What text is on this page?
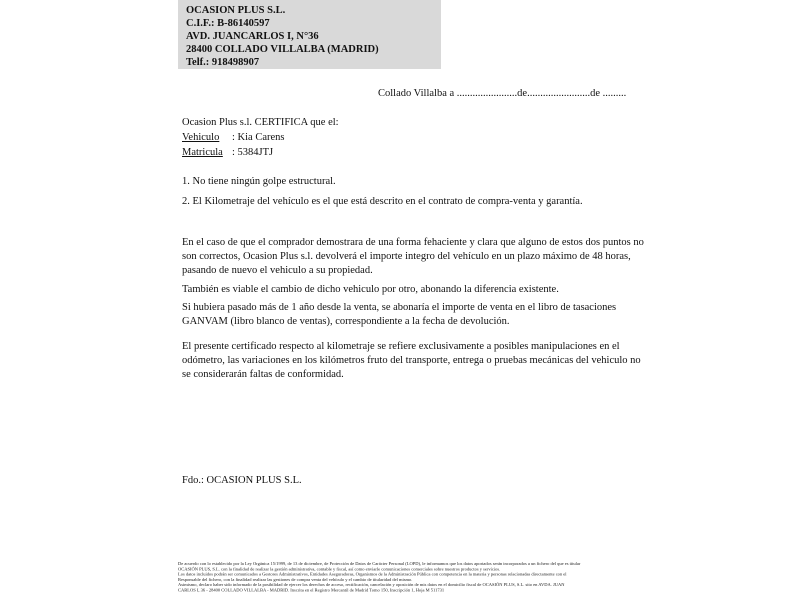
OCASION PLUS S.L.
C.I.F.: B-86140597
AVD. JUANCARLOS I, N°36
28400 COLLADO VILLALBA (MADRID)
Telf.: 918498907
Collado Villalba a .......................de........................de .........
Ocasion Plus s.l. CERTIFICA que el:
Vehiculo : Kia Carens
Matricula : 5384JTJ
1. No tiene ningún golpe estructural.
2. El Kilometraje del vehículo es el que está descrito en el contrato de compra-venta y garantía.
En el caso de que el comprador demostrara de una forma fehaciente y clara que alguno de estos dos puntos no son correctos, Ocasion Plus s.l. devolverá el importe integro del vehículo en un plazo máximo de 48 horas, pasando de nuevo el vehiculo a su propiedad.
También es viable el cambio de dicho vehiculo por otro, abonando la diferencia existente.
Si hubiera pasado más de 1 año desde la venta, se abonaría el importe de venta en el libro de tasaciones GANVAM (libro blanco de ventas), correspondiente a la fecha de devolución.
El presente certificado respecto al kilometraje se refiere exclusivamente a posibles manipulaciones en el odómetro, las variaciones en los kilómetros fruto del transporte, entrega o pruebas mecánicas del vehiculo no se considerarán faltas de conformidad.
Fdo.: OCASION PLUS S.L.
De acuerdo con lo establecido por la Ley Orgánica 15/1999, de 13 de diciembre, de Protección de Datos de Carácter Personal (LOPD), le informamos que los datos aportados serán incorporados a un fichero del que es titular
OCASIÓN PLUS, S.L. con la finalidad de realizar la gestión administrativa, contable y fiscal, así como enviarle comunicaciones comerciales sobre nuestros productos y servicios.
Los datos incluidos podrán ser comunicados a Gestores Administrativos, Entidades Aseguradoras, Organismos de la Administración Pública con competencia en la materia y personas relacionadas directamente con el
Responsable del fichero, con la finalidad realizar las gestiones de compra venta del vehículo y el cambio de titularidad del mismo.
Asimismo, declaro haber sido informado de la posibilidad de ejercer los derechos de acceso, rectificación, cancelación y oposición de mis datos en el domicilio fiscal de OCASIÓN PLUS, S.L. sito en AVDA. JUAN
CARLOS I, 36 - 28400 COLLADO VILLALBA - MADRID. Inscrita en el Registro Mercantil de Madrid Tomo 150, Inscripción 1, Hoja M 511731
